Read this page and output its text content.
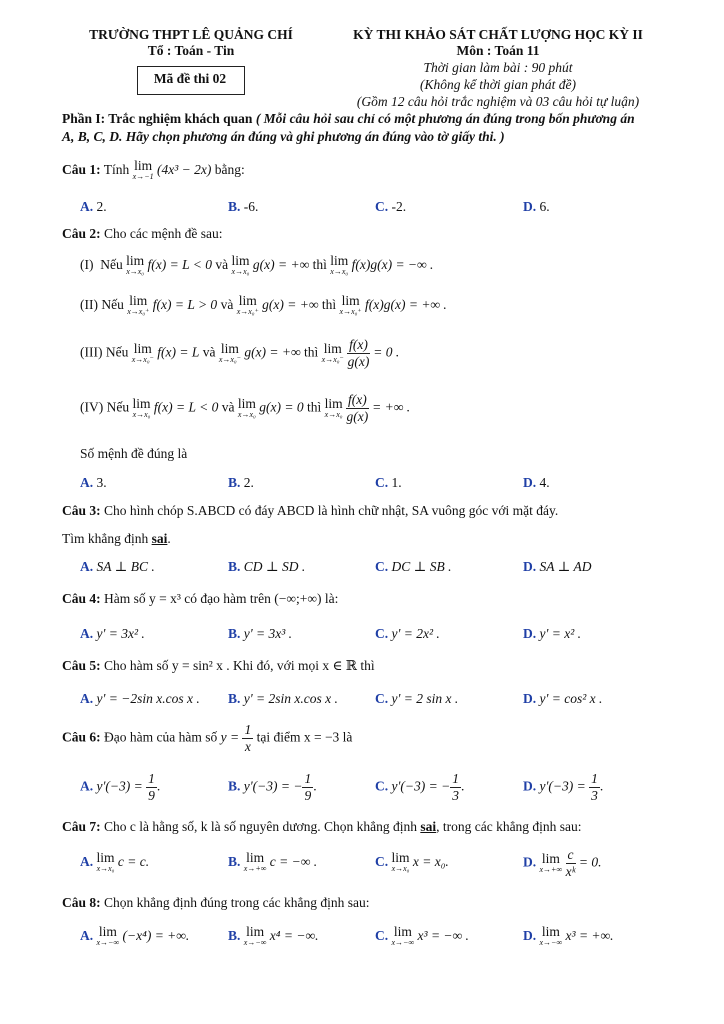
TRƯỜNG THPT LÊ QUẢNG CHÍ
Tổ : Toán - Tin
Mã đề thi 02
KỲ THI KHẢO SÁT CHẤT LƯỢNG HỌC KỲ II
Môn : Toán 11
Thời gian làm bài : 90 phút
(Không kể thời gian phát đề)
(Gồm 12 câu hỏi trắc nghiệm và 03 câu hỏi tự luận)
Phần I: Trắc nghiệm khách quan ( Mỗi câu hỏi sau chỉ có một phương án đúng trong bốn phương án
A, B, C, D. Hãy chọn phương án đúng và ghi phương án đúng vào tờ giấy thi. )
Câu 1: Tính lim
x→−1 (4x³ − 2x) bằng:
A. 2.	B. -6.	C. -2.	D. 6.
Câu 2: Cho các mệnh đề sau:
(I) Nếu lim
x→x₀ f(x) = L < 0 và lim
x→x₀ g(x) = +∞ thì lim
x→x₀ f(x)g(x) = −∞ .
(II) Nếu lim
x→x₀⁺ f(x) = L > 0 và lim
x→x₀⁺ g(x) = +∞ thì lim
x→x₀⁺ f(x)g(x) = +∞ .
(III) Nếu lim
x→x₀⁻ f(x) = L và lim
x→x₀⁻ g(x) = +∞ thì lim
x→x₀⁻
$\frac{f(x)}{g(x)} = 0$ .
(IV) Nếu lim
x→x₀ f(x) = L < 0 và lim
x→x₀ g(x) = 0 thì lim
x→x₀
$\frac{f(x)}{g(x)}$ = +∞ .
Số mệnh đề đúng là
A. 3.	B. 2.	C. 1.	D. 4.
Câu 3: Cho hình chóp S.ABCD có đáy ABCD là hình chữ nhật, SA vuông góc với mặt đáy.
Tìm khẳng định sai.
A. SA ⊥ BC .	B. CD ⊥ SD .	C. DC ⊥ SB .	D. SA ⊥ AD
Câu 4: Hàm số y = x³ có đạo hàm trên (−∞;+∞) là:
A. y' = 3x² .	B. y' = 3x³ .	C. y' = 2x² .	D. y' = x² .
Câu 5: Cho hàm số y = sin² x . Khi đó, với mọi x ∈ ℝ thì
A. y' = −2sin x.cos x . B. y' = 2sin x.cos x .	C. y' = 2 sin x .	D. y' = cos² x .
Câu 6: Đạo hàm của hàm số $y = \frac{1}{x}$ tại điểm x = −3 là
A. $y'(-3) = \frac{1}{9}$ .	B. y'(−3) = − $\frac{1}{9}$ .	C. y'(−3) = − $\frac{1}{3}$ .	D. $y'(-3) = \frac{1}{3}$ .
Câu 7: Cho c là hằng số, k là số nguyên dương. Chọn khẳng định sai, trong các khẳng định sau:
A. lim
x→x₀ c = c.	B. lim
x→+∞ c = −∞ .	C. lim
x→x₀ x = x₀.	D. lim
x→+∞
$\frac{c}{\text{xᵏ}} = 0$.
Câu 8: Chọn khẳng định đúng trong các khẳng định sau:
A. lim
x→−∞ (−x⁴) = +∞.	B. lim
x→−∞ x⁴ = −∞.	C. lim
x→−∞ x³ = −∞ .	D. lim
x→−∞ x³ = +∞.
